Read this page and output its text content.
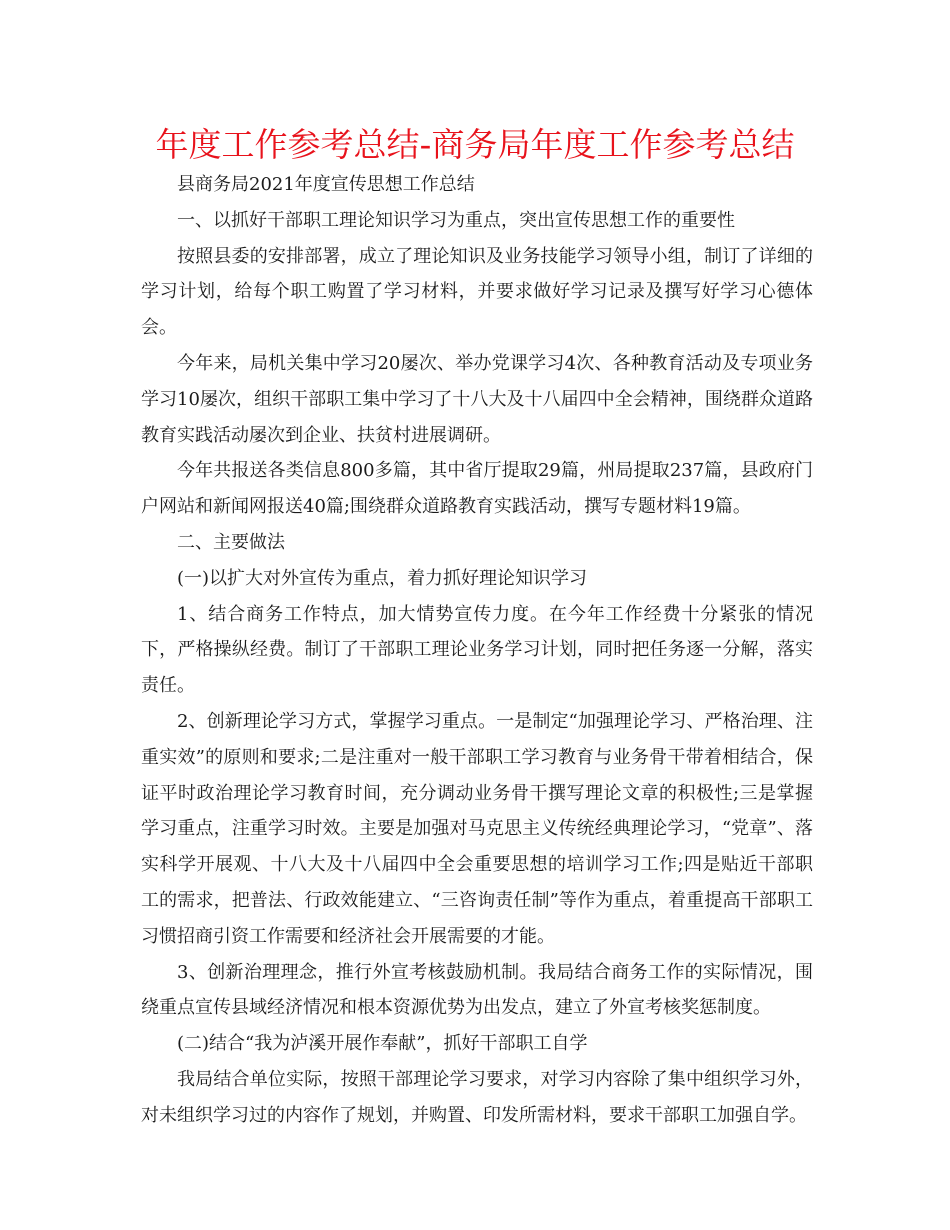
年度工作参考总结-商务局年度工作参考总结

县商务局2021年度宣传思想工作总结

一、以抓好干部职工理论知识学习为重点，突出宣传思想工作的重要性

按照县委的安排部署，成立了理论知识及业务技能学习领导小组，制订了详细的学习计划，给每个职工购置了学习材料，并要求做好学习记录及撰写好学习心德体会。

今年来，局机关集中学习20屡次、举办党课学习4次、各种教育活动及专项业务学习10屡次，组织干部职工集中学习了十八大及十八届四中全会精神，围绕群众道路教育实践活动屡次到企业、扶贫村进展调研。

今年共报送各类信息800多篇，其中省厅提取29篇，州局提取237篇，县政府门户网站和新闻网报送40篇;围绕群众道路教育实践活动，撰写专题材料19篇。

二、主要做法

(一)以扩大对外宣传为重点，着力抓好理论知识学习

1、结合商务工作特点，加大情势宣传力度。在今年工作经费十分紧张的情况下，严格操纵经费。制订了干部职工理论业务学习计划，同时把任务逐一分解，落实责任。

2、创新理论学习方式，掌握学习重点。一是制定“加强理论学习、严格治理、注重实效”的原则和要求;二是注重对一般干部职工学习教育与业务骨干带着相结合，保证平时政治理论学习教育时间，充分调动业务骨干撰写理论文章的积极性;三是掌握学习重点，注重学习时效。主要是加强对马克思主义传统经典理论学习，“党章”、落实科学开展观、十八大及十八届四中全会重要思想的培训学习工作;四是贴近干部职工的需求，把普法、行政效能建立、“三咨询责任制”等作为重点，着重提高干部职工习惯招商引资工作需要和经济社会开展需要的才能。

3、创新治理理念，推行外宣考核鼓励机制。我局结合商务工作的实际情况，围绕重点宣传县域经济情况和根本资源优势为出发点，建立了外宣考核奖惩制度。

(二)结合“我为泸溪开展作奉献”，抓好干部职工自学

我局结合单位实际，按照干部理论学习要求，对学习内容除了集中组织学习外，对未组织学习过的内容作了规划，并购置、印发所需材料，要求干部职工加强自学。
